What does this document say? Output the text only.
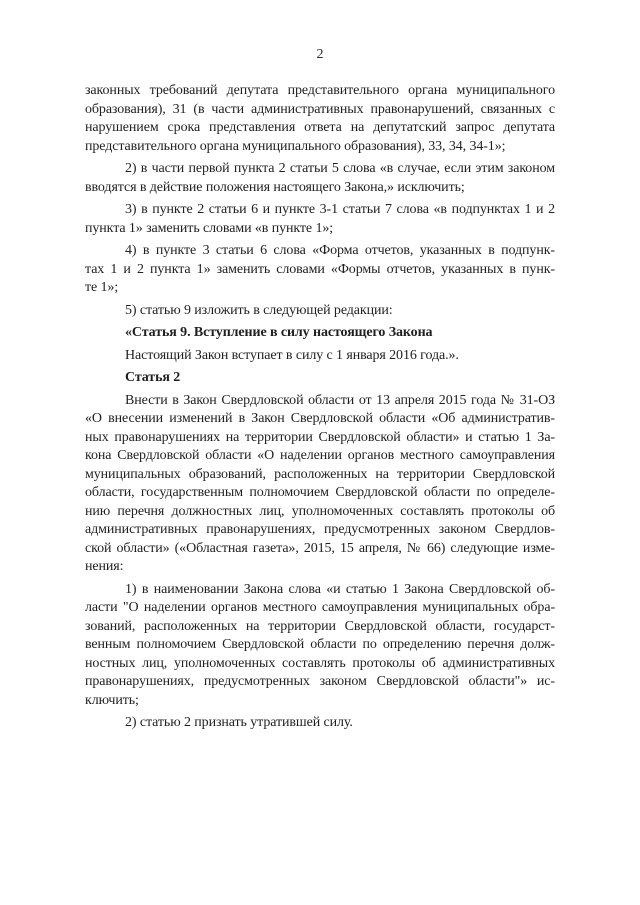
2
законных требований депутата представительного органа муниципального
образования), 31 (в части административных правонарушений, связанных с
нарушением срока представления ответа на депутатский запрос депутата
представительного органа муниципального образования), 33, 34, 34-1»;
2) в части первой пункта 2 статьи 5 слова «в случае, если этим законом
вводятся в действие положения настоящего Закона,» исключить;
3) в пункте 2 статьи 6 и пункте 3-1 статьи 7 слова «в подпунктах 1 и 2
пункта 1» заменить словами «в пункте 1»;
4) в пункте 3 статьи 6 слова «Форма отчетов, указанных в подпунк-
тах 1 и 2 пункта 1» заменить словами «Формы отчетов, указанных в пунк-
те 1»;
5) статью 9 изложить в следующей редакции:
«Статья 9. Вступление в силу настоящего Закона
Настоящий Закон вступает в силу с 1 января 2016 года.».
Статья 2
Внести в Закон Свердловской области от 13 апреля 2015 года № 31-ОЗ
«О внесении изменений в Закон Свердловской области «Об административ-
ных правонарушениях на территории Свердловской области» и статью 1 За-
кона Свердловской области «О наделении органов местного самоуправления
муниципальных образований, расположенных на территории Свердловской
области, государственным полномочием Свердловской области по определе-
нию перечня должностных лиц, уполномоченных составлять протоколы об
административных правонарушениях, предусмотренных законом Свердлов-
ской области» («Областная газета», 2015, 15 апреля, № 66) следующие изме-
нения:
1) в наименовании Закона слова «и статью 1 Закона Свердловской об-
ласти "О наделении органов местного самоуправления муниципальных обра-
зований, расположенных на территории Свердловской области, государст-
венным полномочием Свердловской области по определению перечня долж-
ностных лиц, уполномоченных составлять протоколы об административных
правонарушениях, предусмотренных законом Свердловской области"» ис-
ключить;
2) статью 2 признать утратившей силу.
